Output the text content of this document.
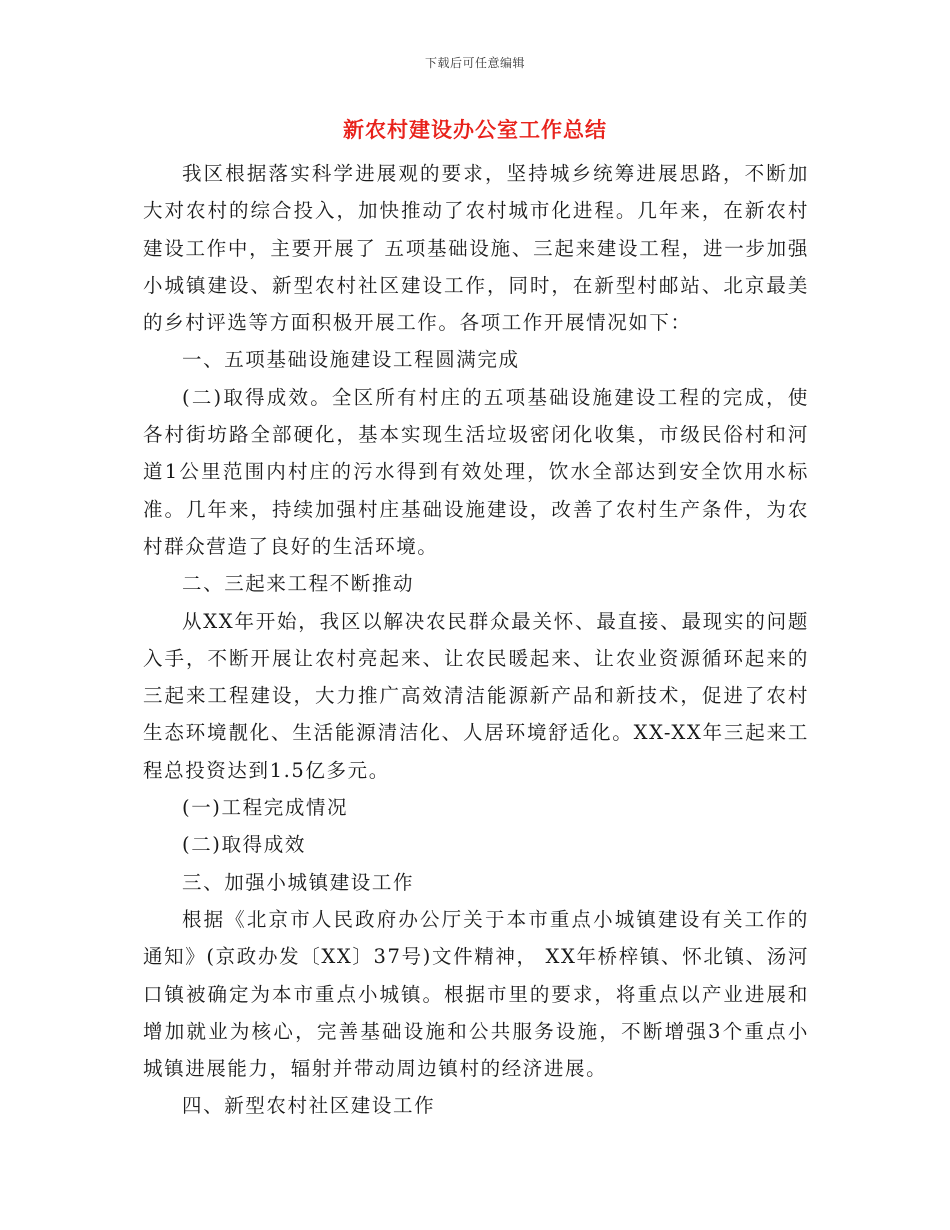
下载后可任意编辑
新农村建设办公室工作总结

我区根据落实科学进展观的要求，坚持城乡统筹进展思路，不断加大对农村的综合投入，加快推动了农村城市化进程。几年来，在新农村建设工作中，主要开展了 五项基础设施、三起来建设工程，进一步加强小城镇建设、新型农村社区建设工作，同时，在新型村邮站、北京最美的乡村评选等方面积极开展工作。各项工作开展情况如下：

一、五项基础设施建设工程圆满完成

(二)取得成效。全区所有村庄的五项基础设施建设工程的完成，使各村街坊路全部硬化，基本实现生活垃圾密闭化收集，市级民俗村和河道1公里范围内村庄的污水得到有效处理，饮水全部达到安全饮用水标准。几年来，持续加强村庄基础设施建设，改善了农村生产条件，为农村群众营造了良好的生活环境。

二、三起来工程不断推动

从XX年开始，我区以解决农民群众最关怀、最直接、最现实的问题入手，不断开展让农村亮起来、让农民暖起来、让农业资源循环起来的三起来工程建设，大力推广高效清洁能源新产品和新技术，促进了农村生态环境靓化、生活能源清洁化、人居环境舒适化。XX-XX年三起来工程总投资达到1.5亿多元。

(一)工程完成情况

(二)取得成效

三、加强小城镇建设工作

根据《北京市人民政府办公厅关于本市重点小城镇建设有关工作的通知》(京政办发〔XX〕37号)文件精神， XX年桥梓镇、怀北镇、汤河口镇被确定为本市重点小城镇。根据市里的要求，将重点以产业进展和增加就业为核心，完善基础设施和公共服务设施，不断增强3个重点小城镇进展能力，辐射并带动周边镇村的经济进展。

四、新型农村社区建设工作
